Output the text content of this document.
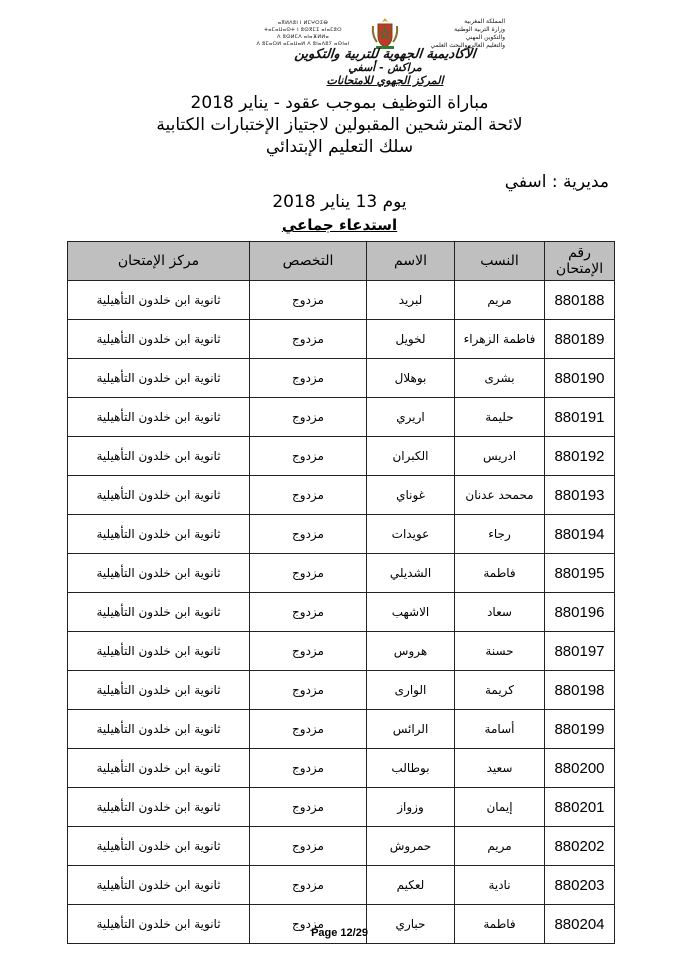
ⴰⴳⵍⴷⵓⵏ ⵏ ⵍⵎⵖⵔⵉⴱ
ⵜⴰⵎⴰⵡⴰⵙⵜ ⵏ ⵓⵙⴳⵎⵉ ⴰⵏⴰⵎⵓⵔ
ⴷ ⵓⵙⵍⵎⴷ ⴰⵏⴰⴼⵍⵍⴰ
ⴷ ⵓⵎⴰⵔⵍ ⴰⵎⴰⵡⴰⵍ ⴷ ⵓⵏⴰⴷⵓⵢ ⴰⵙⵏⴰⵏ
المملكة المغربية
وزارة التربية الوطنية
والتكوين المهني
والتعليم العالي والبحث العلمي
الأكاديمية الجهوية للتربية والتكوين
مراكش - أسفي
المركز الجهوي للامتحانات
مباراة التوظيف بموجب عقود - يناير 2018
لائحة المترشحين المقبولين لاجتياز الإختبارات الكتابية
سلك التعليم الإبتدائي
مديرية : اسفي
يوم 13 يناير 2018
استدعاء جماعي
رقم الإمتحان	النسب	الاسم	التخصص	مركز الإمتحان
880188	مريم	لبريد	مزدوج	ثانوية ابن خلدون التأهيلية
880189	فاطمة الزهراء	لخويل	مزدوج	ثانوية ابن خلدون التأهيلية
880190	بشرى	بوهلال	مزدوج	ثانوية ابن خلدون التأهيلية
880191	حليمة	اريري	مزدوج	ثانوية ابن خلدون التأهيلية
880192	ادريس	الكبران	مزدوج	ثانوية ابن خلدون التأهيلية
880193	محمحد عدنان	غوناي	مزدوج	ثانوية ابن خلدون التأهيلية
880194	رجاء	عويدات	مزدوج	ثانوية ابن خلدون التأهيلية
880195	فاطمة	الشديلي	مزدوج	ثانوية ابن خلدون التأهيلية
880196	سعاد	الاشهب	مزدوج	ثانوية ابن خلدون التأهيلية
880197	حسنة	هروس	مزدوج	ثانوية ابن خلدون التأهيلية
880198	كريمة	الوارى	مزدوج	ثانوية ابن خلدون التأهيلية
880199	أسامة	الرائس	مزدوج	ثانوية ابن خلدون التأهيلية
880200	سعيد	بوطالب	مزدوج	ثانوية ابن خلدون التأهيلية
880201	إيمان	وزواز	مزدوج	ثانوية ابن خلدون التأهيلية
880202	مريم	حمروش	مزدوج	ثانوية ابن خلدون التأهيلية
880203	نادية	لعكيم	مزدوج	ثانوية ابن خلدون التأهيلية
880204	فاطمة	حباري	مزدوج	ثانوية ابن خلدون التأهيلية
Page 12/29
